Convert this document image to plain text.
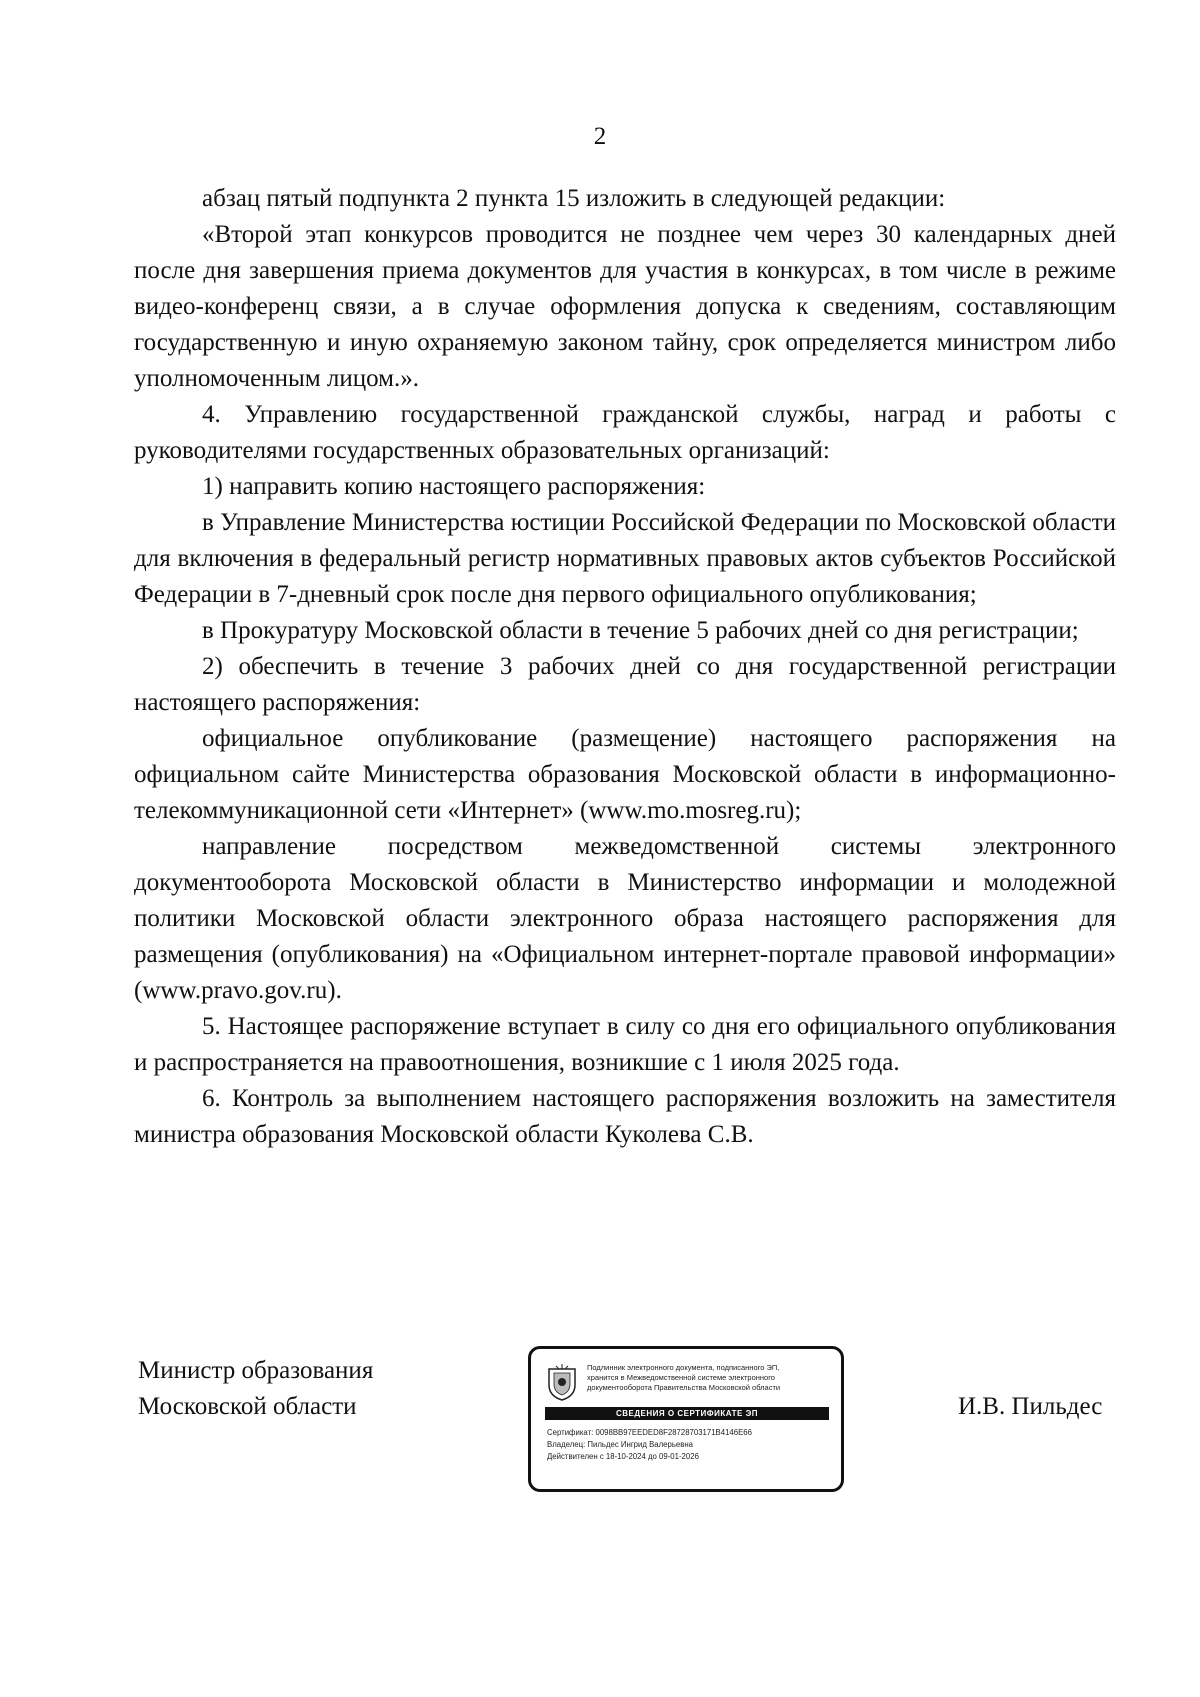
2

абзац пятый подпункта 2 пункта 15 изложить в следующей редакции:

«Второй этап конкурсов проводится не позднее чем через 30 календарных дней после дня завершения приема документов для участия в конкурсах, в том числе в режиме видео-конференц связи, а в случае оформления допуска к сведениям, составляющим государственную и иную охраняемую законом тайну, срок определяется министром либо уполномоченным лицом.».

4. Управлению государственной гражданской службы, наград и работы с руководителями государственных образовательных организаций:

1) направить копию настоящего распоряжения:

в Управление Министерства юстиции Российской Федерации по Московской области для включения в федеральный регистр нормативных правовых актов субъектов Российской Федерации в 7-дневный срок после дня первого официального опубликования;

в Прокуратуру Московской области в течение 5 рабочих дней со дня регистрации;

2) обеспечить в течение 3 рабочих дней со дня государственной регистрации настоящего распоряжения:

официальное опубликование (размещение) настоящего распоряжения на официальном сайте Министерства образования Московской области в информационно-телекоммуникационной сети «Интернет» (www.mo.mosreg.ru);

направление посредством межведомственной системы электронного документооборота Московской области в Министерство информации и молодежной политики Московской области электронного образа настоящего распоряжения для размещения (опубликования) на «Официальном интернет-портале правовой информации» (www.pravo.gov.ru).

5. Настоящее распоряжение вступает в силу со дня его официального опубликования и распространяется на правоотношения, возникшие с 1 июля 2025 года.

6. Контроль за выполнением настоящего распоряжения возложить на заместителя министра образования Московской области Куколева С.В.

Министр образования
Московской области
Подлинник электронного документа, подписанного ЭП,
хранится в Межведомственной системе электронного
документооборота Правительства Московской области
СВЕДЕНИЯ О СЕРТИФИКАТЕ ЭП
Сертификат: 0098BB97EEDED8F28728703171B4146E66
Владелец: Пильдес Ингрид Валерьевна
Действителен с 18-10-2024 до 09-01-2026
И.В. Пильдес
